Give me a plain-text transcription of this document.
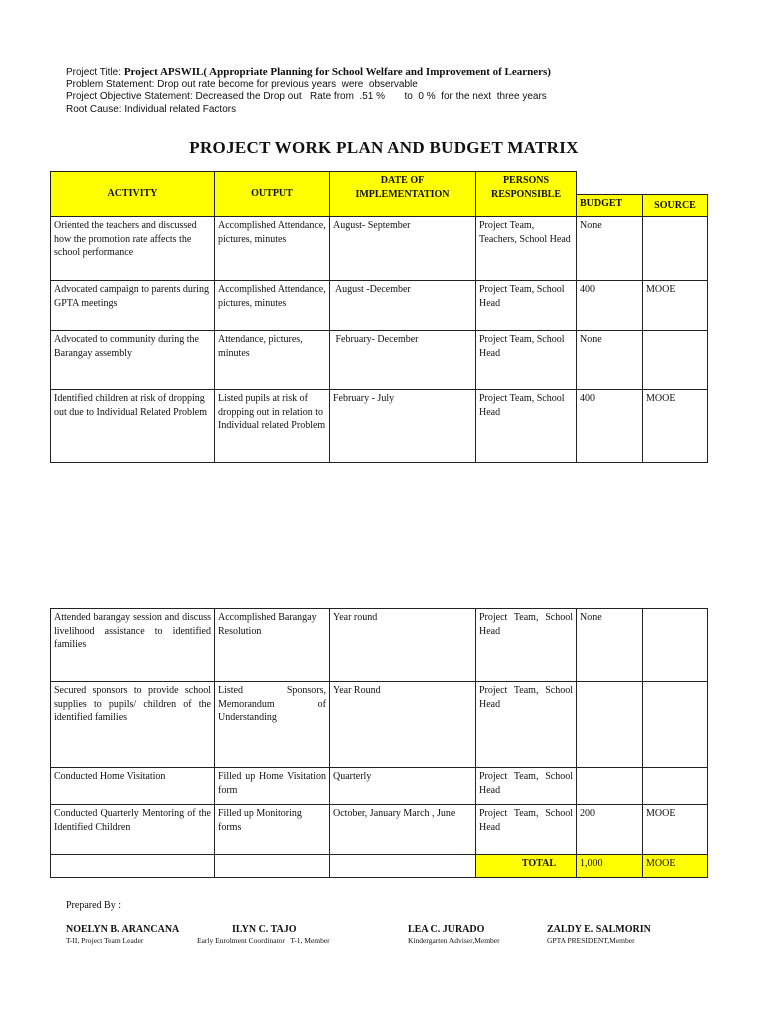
Project Title: Project APSWIL( Appropriate Planning for School Welfare and Improvement of Learners)
Problem Statement: Drop out rate become for previous years  were  observable
Project Objective Statement: Decreased the Drop out   Rate from  .51 %       to  0 %  for the next  three years
Root Cause: Individual related Factors
PROJECT WORK PLAN AND BUDGET MATRIX
ACTIVITY	OUTPUT	DATE OF IMPLEMENTATION	PERSONS RESPONSIBLE		
				BUDGET	SOURCE
Oriented the teachers and discussed how the promotion rate affects the school performance	Accomplished Attendance, pictures, minutes	August- September	Project Team, Teachers, School Head	None	
Advocated campaign to parents during GPTA meetings	Accomplished Attendance, pictures, minutes	August -December	Project Team, School Head	400	MOOE
Advocated to community during the Barangay assembly	Attendance, pictures, minutes	February- December	Project Team, School Head	None	
Identified children at risk of dropping out due to Individual Related Problem	Listed pupils at risk of dropping out in relation to Individual related Problem	February - July	Project Team, School Head	400	MOOE
Attended barangay session and discuss livelihood assistance to identified families	Accomplished Barangay Resolution	Year round	Project Team, School Head	None	
Secured sponsors to provide school supplies to pupils/ children of the identified families	Listed Sponsors, Memorandum of Understanding	Year Round	Project Team, School Head		
Conducted Home Visitation	Filled up Home Visitation form	Quarterly	Project Team, School Head		
Conducted Quarterly Mentoring of the Identified Children	Filled up Monitoring forms	October, January March , June	Project Team, School Head	200	MOOE
			TOTAL	1,000	MOOE
Prepared By :
NOELYN B. ARANCANA
T-II, Project Team Leader
ILYN C. TAJO
Early Enrolment Coordinator   T-1, Member
LEA C. JURADO
Kindergarten Adviser,Member
ZALDY E. SALMORIN
GPTA PRESIDENT,Member
